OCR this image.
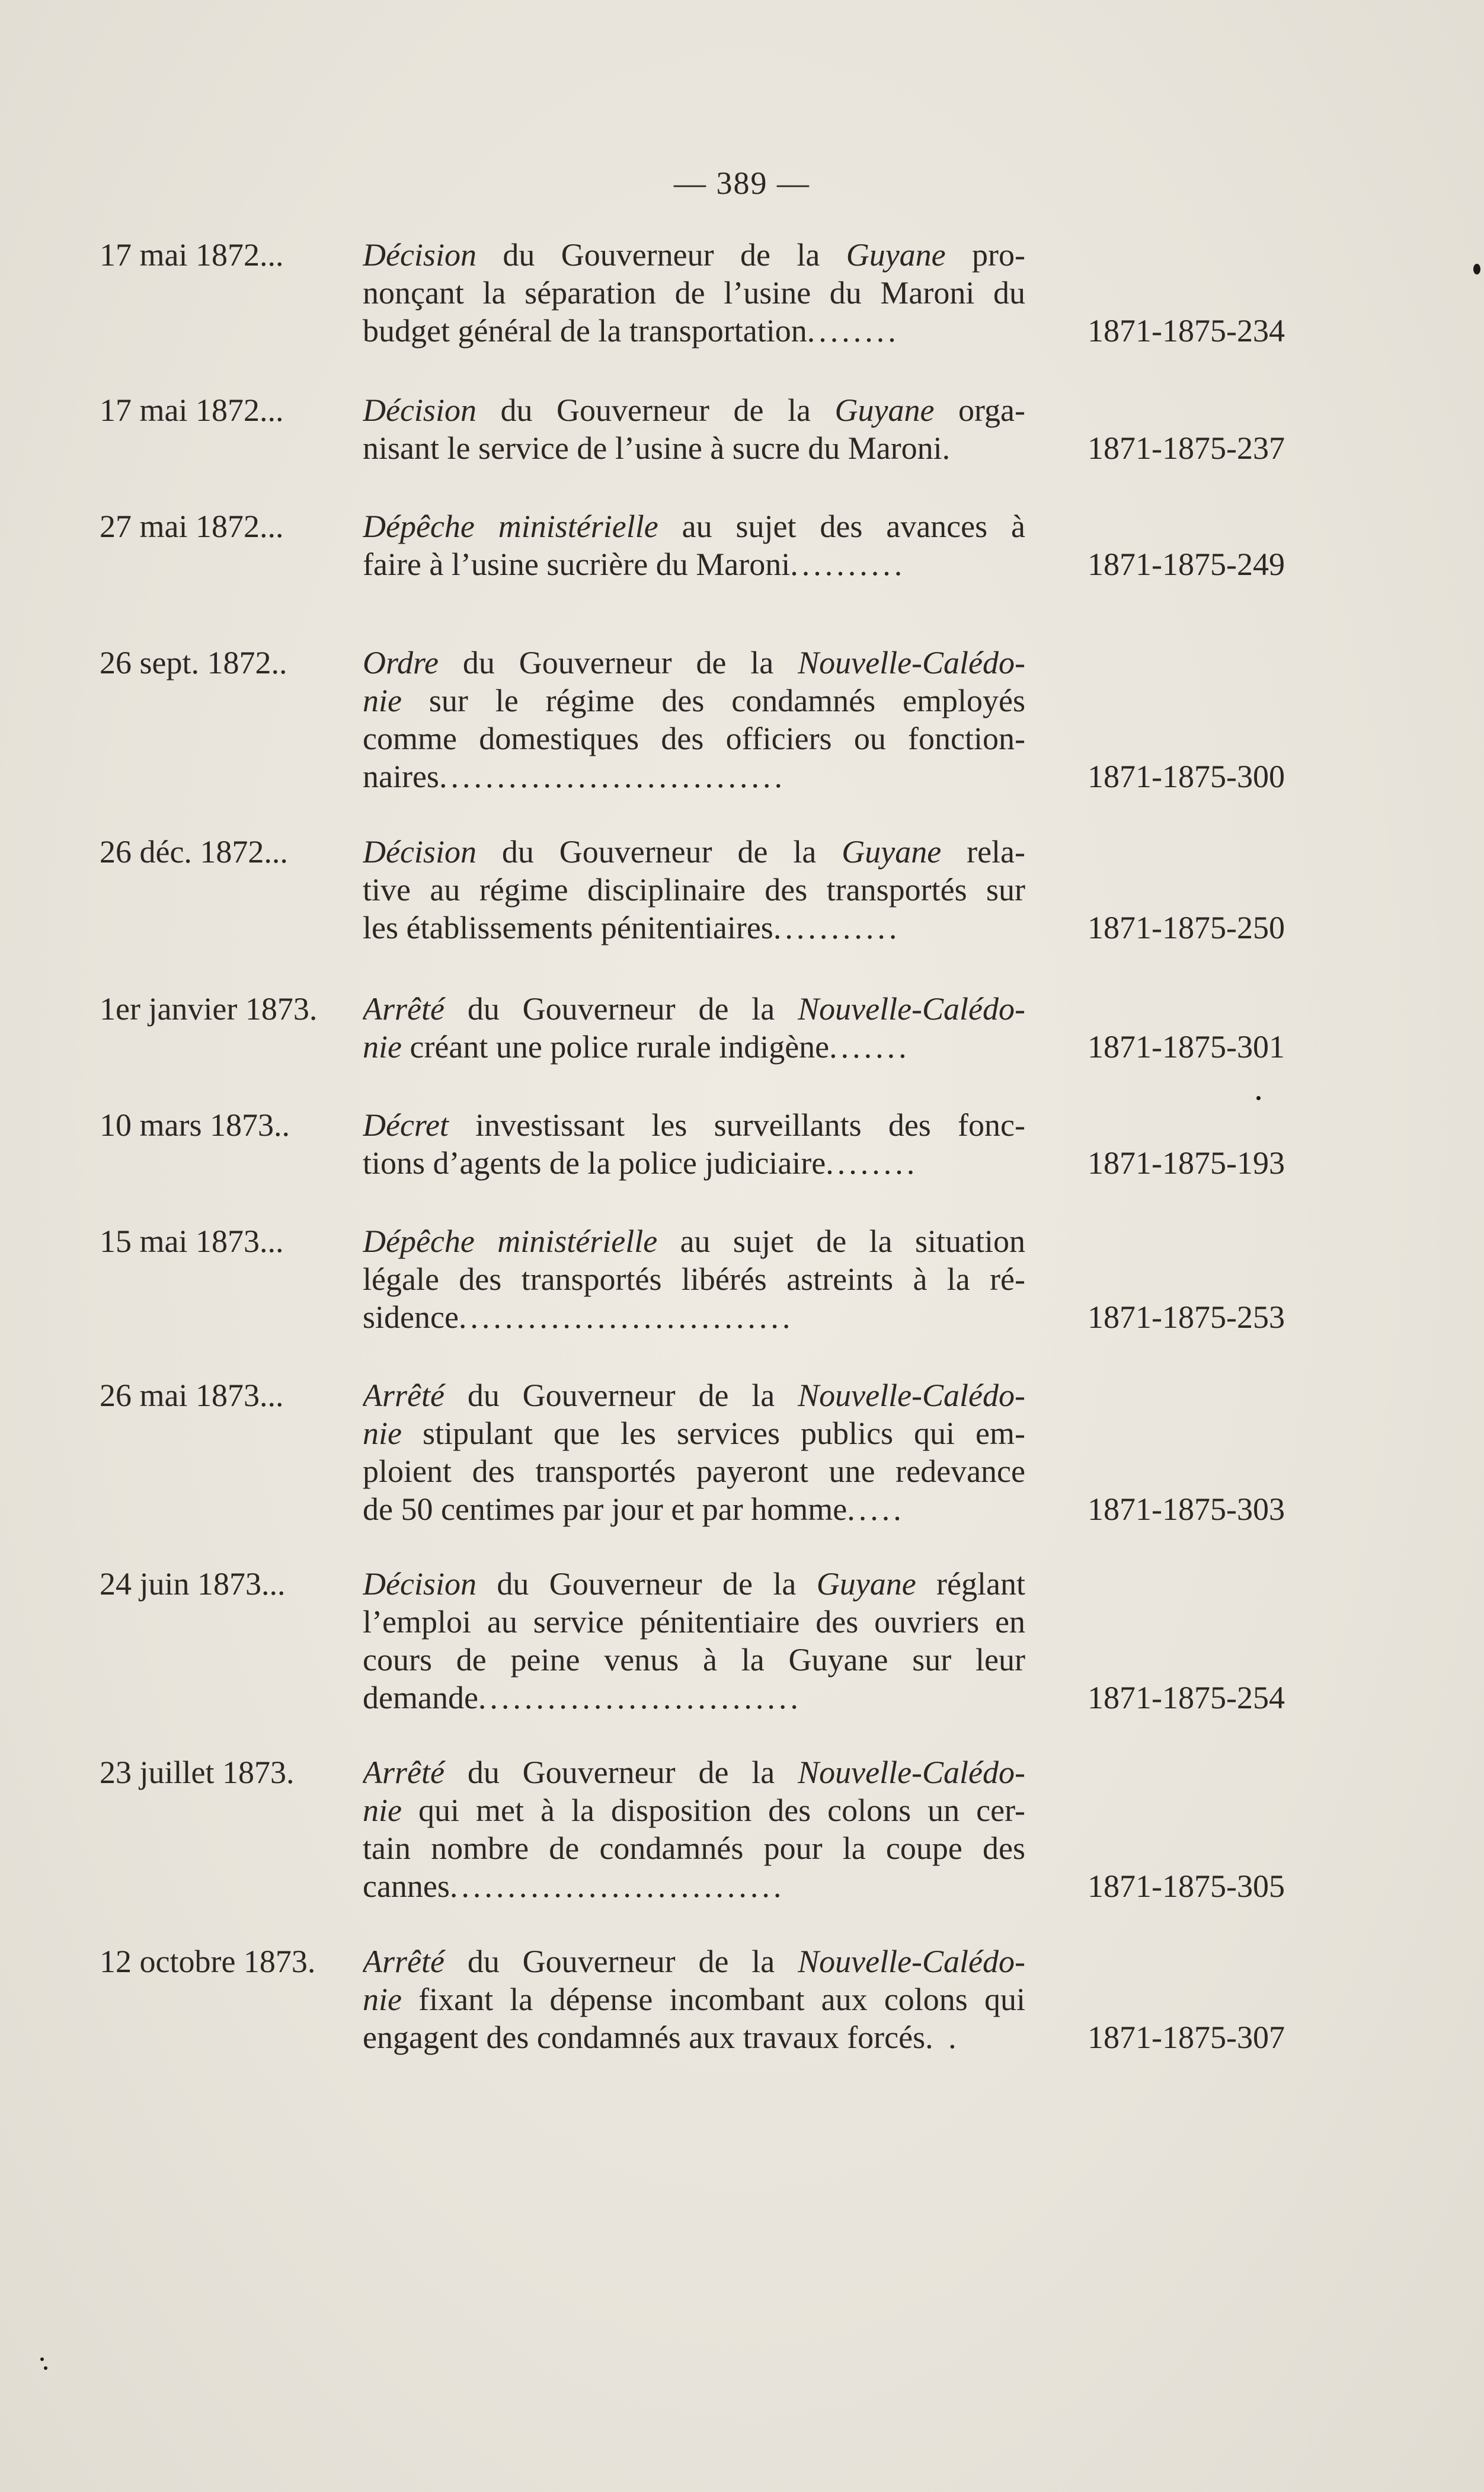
— 389 —
17 mai 1872...	Décision du Gouverneur de la Guyane pro-
nonçant la séparation de l’usine du Maroni du
budget général de la transportation........	1871-1875-234
17 mai 1872...	Décision du Gouverneur de la Guyane orga-
nisant le service de l’usine à sucre du Maroni.	1871-1875-237
27 mai 1872...	Dépêche ministérielle au sujet des avances à
faire à l’usine sucrière du Maroni..........	1871-1875-249
26 sept. 1872..	Ordre du Gouverneur de la Nouvelle-Calédo-
nie sur le régime des condamnés employés
comme domestiques des officiers ou fonction-
naires..............................	1871-1875-300
26 déc. 1872...	Décision du Gouverneur de la Guyane rela-
tive au régime disciplinaire des transportés sur
les établissements pénitentiaires...........	1871-1875-250
1er janvier 1873.	Arrêté du Gouverneur de la Nouvelle-Calédo-
nie créant une police rurale indigène.......	1871-1875-301
10 mars 1873..	Décret investissant les surveillants des fonc-
tions d’agents de la police judiciaire........	1871-1875-193
15 mai 1873...	Dépêche ministérielle au sujet de la situation
légale des transportés libérés astreints à la ré-
sidence.............................	1871-1875-253
26 mai 1873...	Arrêté du Gouverneur de la Nouvelle-Calédo-
nie stipulant que les services publics qui em-
ploient des transportés payeront une redevance
de 50 centimes par jour et par homme.....	1871-1875-303
24 juin 1873...	Décision du Gouverneur de la Guyane réglant
l’emploi au service pénitentiaire des ouvriers en
cours de peine venus à la Guyane sur leur
demande............................	1871-1875-254
23 juillet 1873.	Arrêté du Gouverneur de la Nouvelle-Calédo-
nie qui met à la disposition des colons un cer-
tain nombre de condamnés pour la coupe des
cannes.............................	1871-1875-305
12 octobre 1873.	Arrêté du Gouverneur de la Nouvelle-Calédo-
nie fixant la dépense incombant aux colons qui
engagent des condamnés aux travaux forcés. .	1871-1875-307
